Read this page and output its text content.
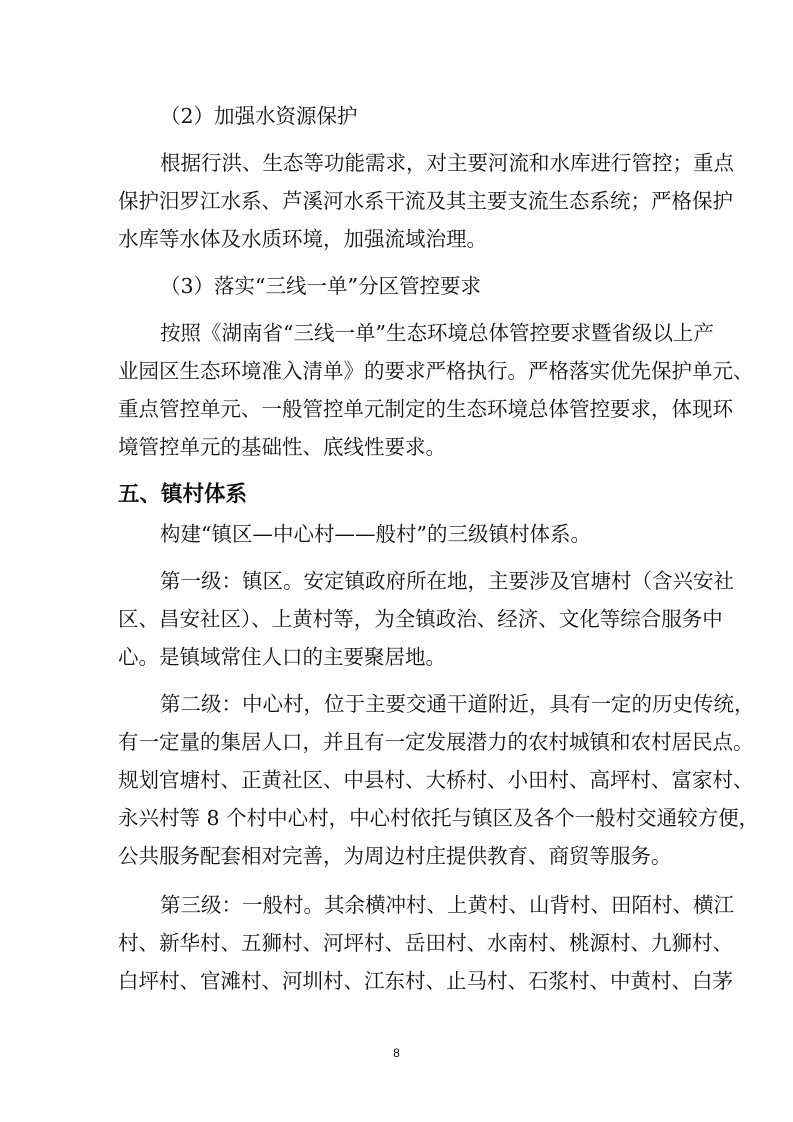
（2）加强水资源保护
根据行洪、生态等功能需求，对主要河流和水库进行管控；重点
保护汨罗江水系、芦溪河水系干流及其主要支流生态系统；严格保护
水库等水体及水质环境，加强流域治理。
（3）落实“三线一单”分区管控要求
按照《湖南省“三线一单”生态环境总体管控要求暨省级以上产
业园区生态环境准入清单》的要求严格执行。严格落实优先保护单元、
重点管控单元、一般管控单元制定的生态环境总体管控要求，体现环
境管控单元的基础性、底线性要求。
五、镇村体系
构建“镇区—中心村——般村”的三级镇村体系。
第一级：镇区。安定镇政府所在地，主要涉及官塘村（含兴安社
区、昌安社区）、上黄村等，为全镇政治、经济、文化等综合服务中
心。是镇域常住人口的主要聚居地。
第二级：中心村，位于主要交通干道附近，具有一定的历史传统，
有一定量的集居人口，并且有一定发展潜力的农村城镇和农村居民点。
规划官塘村、正黄社区、中县村、大桥村、小田村、高坪村、富家村、
永兴村等 8 个村中心村，中心村依托与镇区及各个一般村交通较方便，
公共服务配套相对完善，为周边村庄提供教育、商贸等服务。
第三级：一般村。其余横冲村、上黄村、山背村、田陌村、横江
村、新华村、五狮村、河坪村、岳田村、水南村、桃源村、九狮村、
白坪村、官滩村、河圳村、江东村、止马村、石浆村、中黄村、白茅
8
